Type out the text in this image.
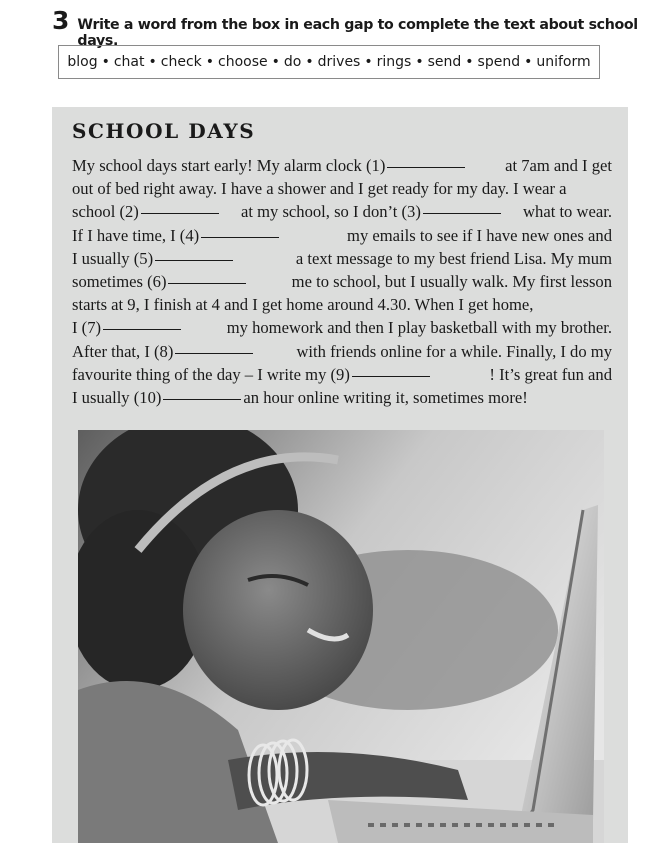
3 Write a word from the box in each gap to complete the text about school days.
blog • chat • check • choose • do • drives • rings • send • spend • uniform
SCHOOL DAYS
My school days start early! My alarm clock (1)	at 7am and I get
out of bed right away. I have a shower and I get ready for my day. I wear a
school (2)	at my school, so I don’t (3)	what to wear.
If I have time, I (4)	my emails to see if I have new ones and
I usually (5)	a text message to my best friend Lisa. My mum
sometimes (6)	me to school, but I usually walk. My first lesson
starts at 9, I finish at 4 and I get home around 4.30. When I get home,
I (7)	my homework and then I play basketball with my brother.
After that, I (8)	with friends online for a while. Finally, I do my
favourite thing of the day – I write my (9)	! It’s great fun and
I usually (10)	an hour online writing it, sometimes more!
